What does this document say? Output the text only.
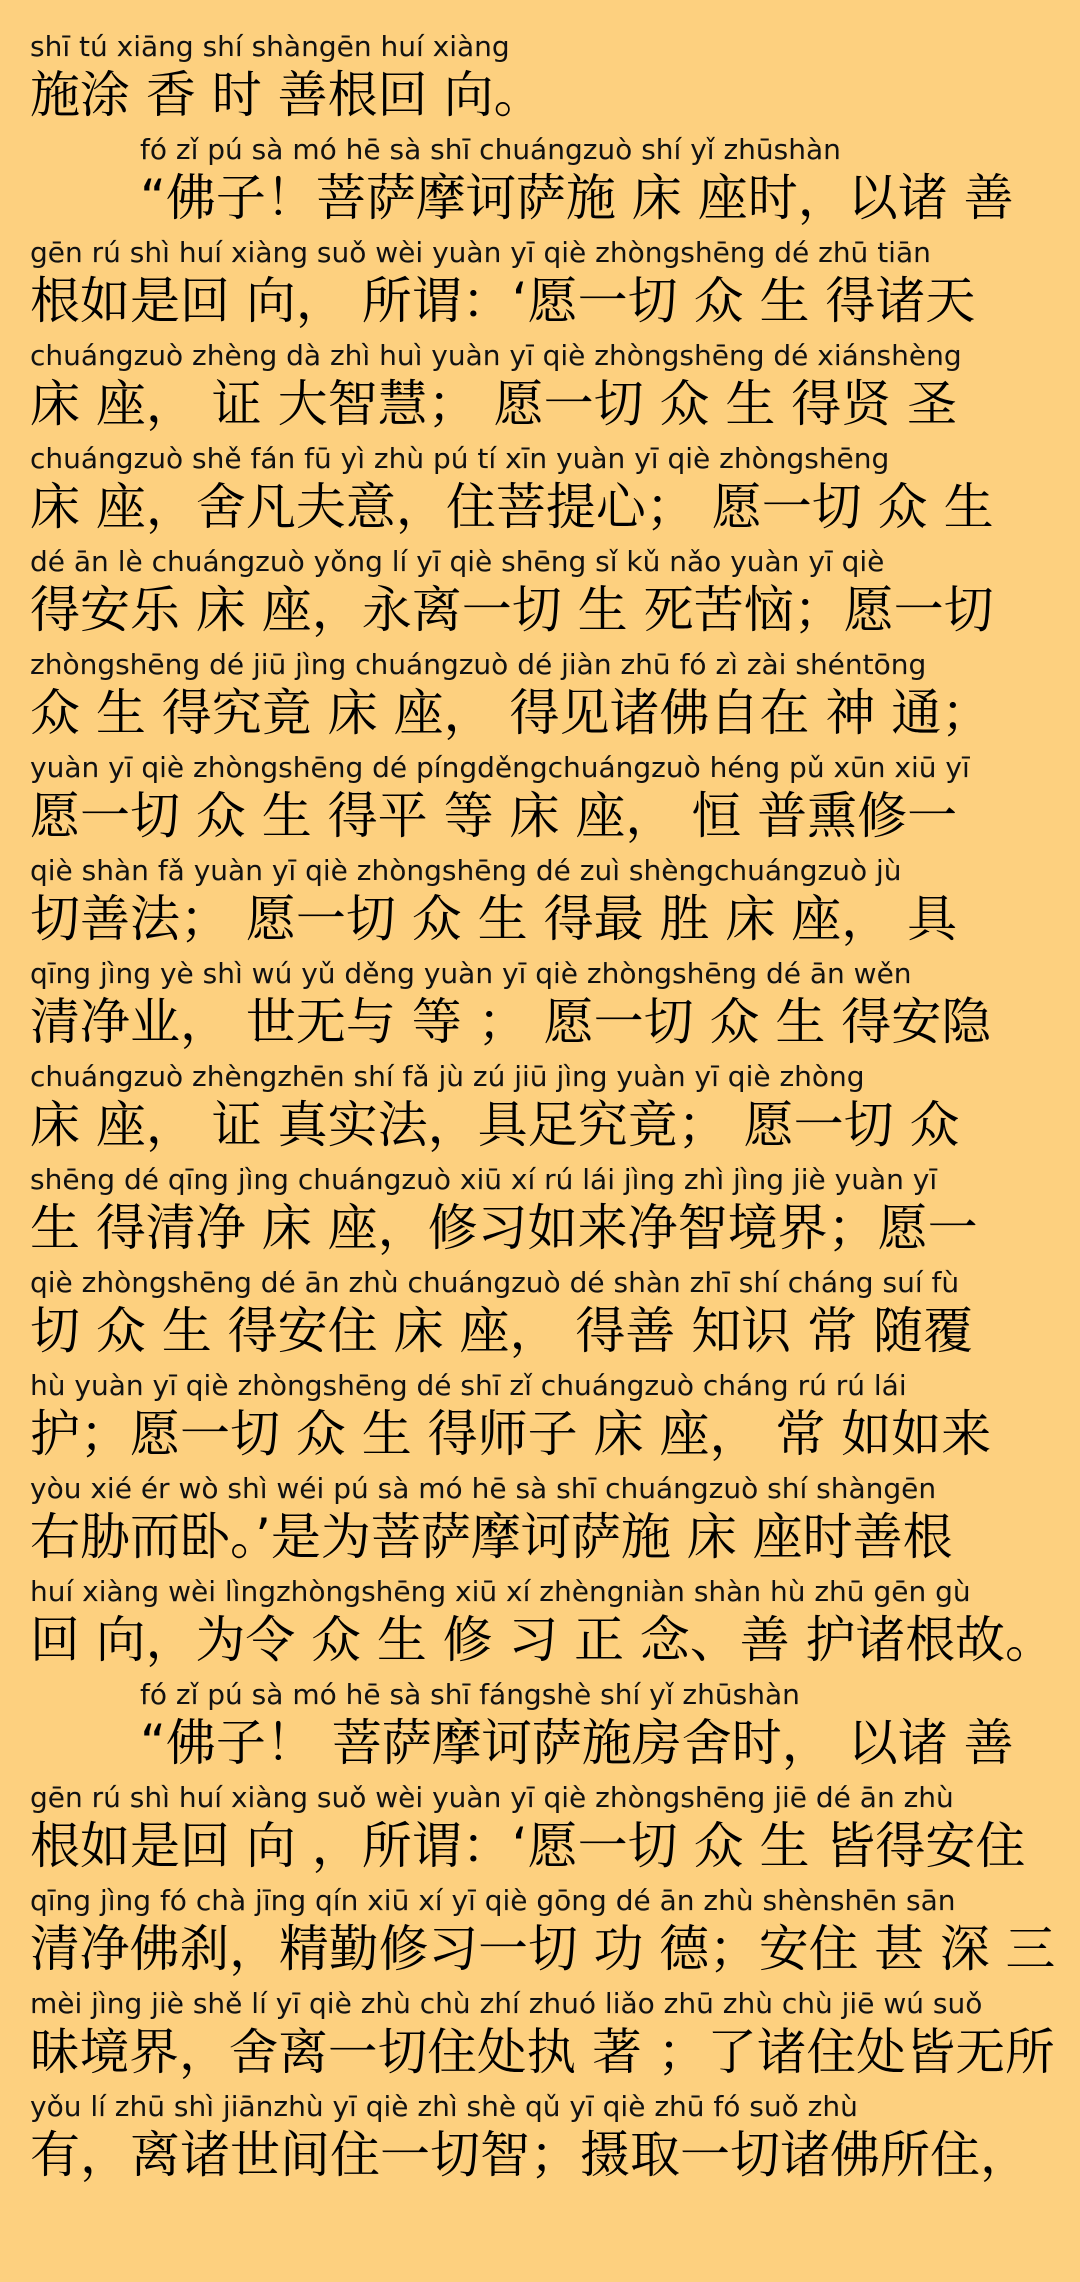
shī tú xiāng shí shàngēn huí xiàng
施涂 香 时 善根回 向。
fó zǐ pú sà mó hē sà shī chuángzuò shí yǐ zhūshàn
“佛子！菩萨摩诃萨施 床 座时，以诸 善
gēn rú shì huí xiàng suǒ wèi yuàn yī qiè zhòngshēng dé zhū tiān
根如是回 向， 所谓：‘愿一切 众 生 得诸天
chuángzuò zhèng dà zhì huì yuàn yī qiè zhòngshēng dé xiánshèng
床 座， 证 大智慧； 愿一切 众 生 得贤 圣
chuángzuò shě fán fū yì zhù pú tí xīn yuàn yī qiè zhòngshēng
床 座，舍凡夫意，住菩提心； 愿一切 众 生
dé ān lè chuángzuò yǒng lí yī qiè shēng sǐ kǔ nǎo yuàn yī qiè
得安乐 床 座，永离一切 生 死苦恼；愿一切
zhòngshēng dé jiū jìng chuángzuò dé jiàn zhū fó zì zài shéntōng
众 生 得究竟 床 座， 得见诸佛自在 神 通；
yuàn yī qiè zhòngshēng dé píngděngchuángzuò héng pǔ xūn xiū yī
愿一切 众 生 得平 等 床 座， 恒 普熏修一
qiè shàn fǎ yuàn yī qiè zhòngshēng dé zuì shèngchuángzuò jù
切善法； 愿一切 众 生 得最 胜 床 座， 具
qīng jìng yè shì wú yǔ děng yuàn yī qiè zhòngshēng dé ān wěn
清净业， 世无与 等 ； 愿一切 众 生 得安隐
chuángzuò zhèngzhēn shí fǎ jù zú jiū jìng yuàn yī qiè zhòng
床 座， 证 真实法，具足究竟； 愿一切 众
shēng dé qīng jìng chuángzuò xiū xí rú lái jìng zhì jìng jiè yuàn yī
生 得清净 床 座，修习如来净智境界；愿一
qiè zhòngshēng dé ān zhù chuángzuò dé shàn zhī shí cháng suí fù
切 众 生 得安住 床 座， 得善 知识 常 随覆
hù yuàn yī qiè zhòngshēng dé shī zǐ chuángzuò cháng rú rú lái
护；愿一切 众 生 得师子 床 座， 常 如如来
yòu xié ér wò shì wéi pú sà mó hē sà shī chuángzuò shí shàngēn
右胁而卧。’是为菩萨摩诃萨施 床 座时善根
huí xiàng wèi lìngzhòngshēng xiū xí zhèngniàn shàn hù zhū gēn gù
回 向，为令 众 生 修 习 正 念、善 护诸根故。
fó zǐ pú sà mó hē sà shī fángshè shí yǐ zhūshàn
“佛子！ 菩萨摩诃萨施房舍时， 以诸 善
gēn rú shì huí xiàng suǒ wèi yuàn yī qiè zhòngshēng jiē dé ān zhù
根如是回 向 ，所谓：‘愿一切 众 生 皆得安住
qīng jìng fó chà jīng qín xiū xí yī qiè gōng dé ān zhù shènshēn sān
清净佛刹，精勤修习一切 功 德；安住 甚 深 三
mèi jìng jiè shě lí yī qiè zhù chù zhí zhuó liǎo zhū zhù chù jiē wú suǒ
昧境界，舍离一切住处执 著 ；了诸住处皆无所
yǒu lí zhū shì jiānzhù yī qiè zhì shè qǔ yī qiè zhū fó suǒ zhù
有，离诸世间住一切智；摄取一切诸佛所住，
